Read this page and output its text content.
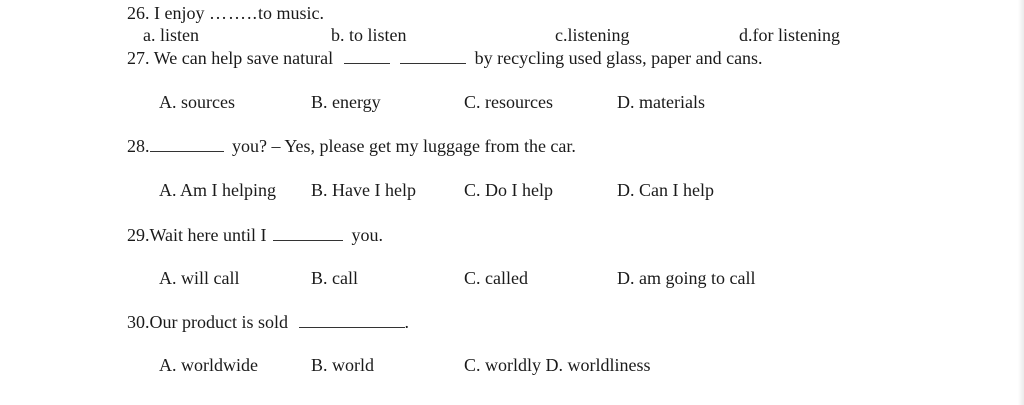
26. I enjoy ……..to music.
a. listen	b. to listen	c.listening	d.for listening
27. We can help save natural	by recycling used glass, paper and cans.
A. sources	B. energy	C. resources	D. materials
28.	you? – Yes, please get my luggage from the car.
A. Am I helping B. Have I help	C. Do I help	D. Can I help
29.Wait here until I	you.
A. will call	B. call	C. called	D. am going to call
30.Our product is sold	.
A. worldwide	B. world	C. worldly D. worldliness
